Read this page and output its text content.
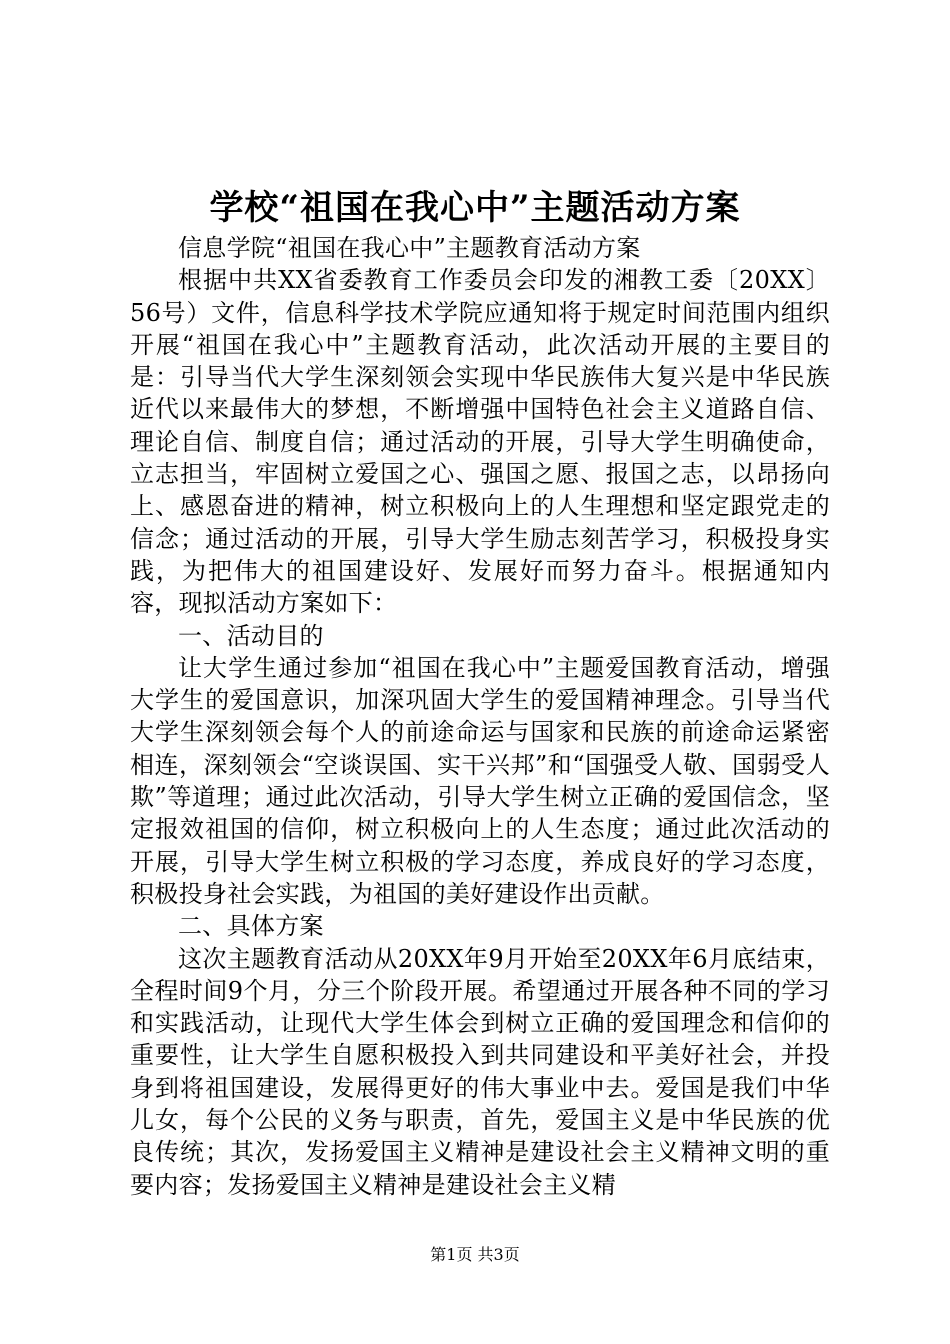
学校“祖国在我心中”主题活动方案

信息学院“祖国在我心中”主题教育活动方案

根据中共XX省委教育工作委员会印发的湘教工委〔20XX〕56号）文件，信息科学技术学院应通知将于规定时间范围内组织开展“祖国在我心中”主题教育活动，此次活动开展的主要目的是：引导当代大学生深刻领会实现中华民族伟大复兴是中华民族近代以来最伟大的梦想，不断增强中国特色社会主义道路自信、理论自信、制度自信；通过活动的开展，引导大学生明确使命，立志担当，牢固树立爱国之心、强国之愿、报国之志，以昂扬向上、感恩奋进的精神，树立积极向上的人生理想和坚定跟党走的信念；通过活动的开展，引导大学生励志刻苦学习，积极投身实践，为把伟大的祖国建设好、发展好而努力奋斗。根据通知内容，现拟活动方案如下：

一、活动目的

让大学生通过参加“祖国在我心中”主题爱国教育活动，增强大学生的爱国意识，加深巩固大学生的爱国精神理念。引导当代大学生深刻领会每个人的前途命运与国家和民族的前途命运紧密相连，深刻领会“空谈误国、实干兴邦”和“国强受人敬、国弱受人欺”等道理；通过此次活动，引导大学生树立正确的爱国信念，坚定报效祖国的信仰，树立积极向上的人生态度；通过此次活动的开展，引导大学生树立积极的学习态度，养成良好的学习态度，积极投身社会实践，为祖国的美好建设作出贡献。

二、具体方案

这次主题教育活动从20XX年9月开始至20XX年6月底结束，全程时间9个月，分三个阶段开展。希望通过开展各种不同的学习和实践活动，让现代大学生体会到树立正确的爱国理念和信仰的重要性，让大学生自愿积极投入到共同建设和平美好社会，并投身到将祖国建设，发展得更好的伟大事业中去。爱国是我们中华儿女，每个公民的义务与职责，首先，爱国主义是中华民族的优良传统；其次，发扬爱国主义精神是建设社会主义精神文明的重要内容；发扬爱国主义精神是建设社会主义精

第1页 共3页
